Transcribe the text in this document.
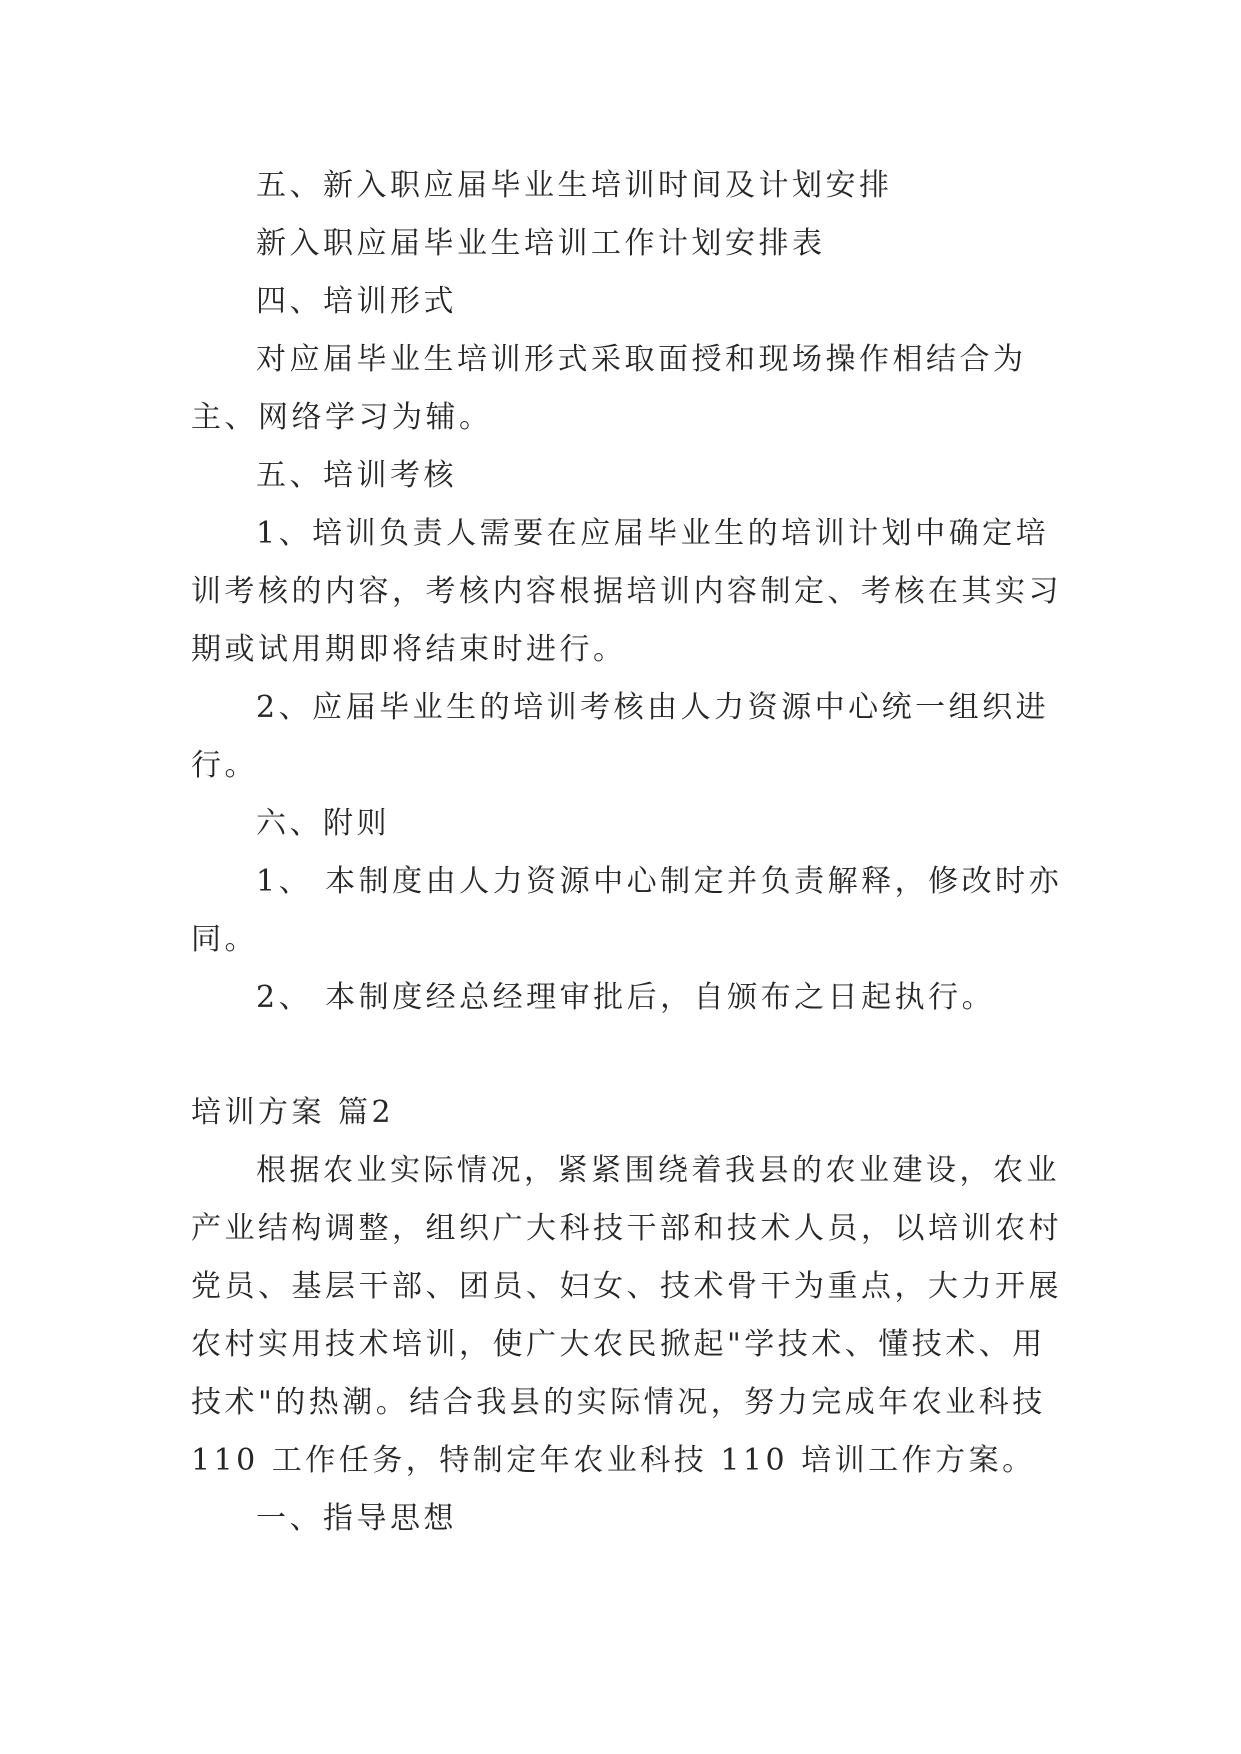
五、新入职应届毕业生培训时间及计划安排
新入职应届毕业生培训工作计划安排表
四、培训形式
对应届毕业生培训形式采取面授和现场操作相结合为
主、网络学习为辅。
五、培训考核
1、培训负责人需要在应届毕业生的培训计划中确定培
训考核的内容，考核内容根据培训内容制定、考核在其实习
期或试用期即将结束时进行。
2、应届毕业生的培训考核由人力资源中心统一组织进
行。
六、附则
1、 本制度由人力资源中心制定并负责解释，修改时亦
同。
2、 本制度经总经理审批后，自颁布之日起执行。
培训方案 篇2
根据农业实际情况，紧紧围绕着我县的农业建设，农业
产业结构调整，组织广大科技干部和技术人员，以培训农村
党员、基层干部、团员、妇女、技术骨干为重点，大力开展
农村实用技术培训，使广大农民掀起"学技术、懂技术、用
技术"的热潮。结合我县的实际情况，努力完成年农业科技
110 工作任务，特制定年农业科技 110 培训工作方案。
一、指导思想
